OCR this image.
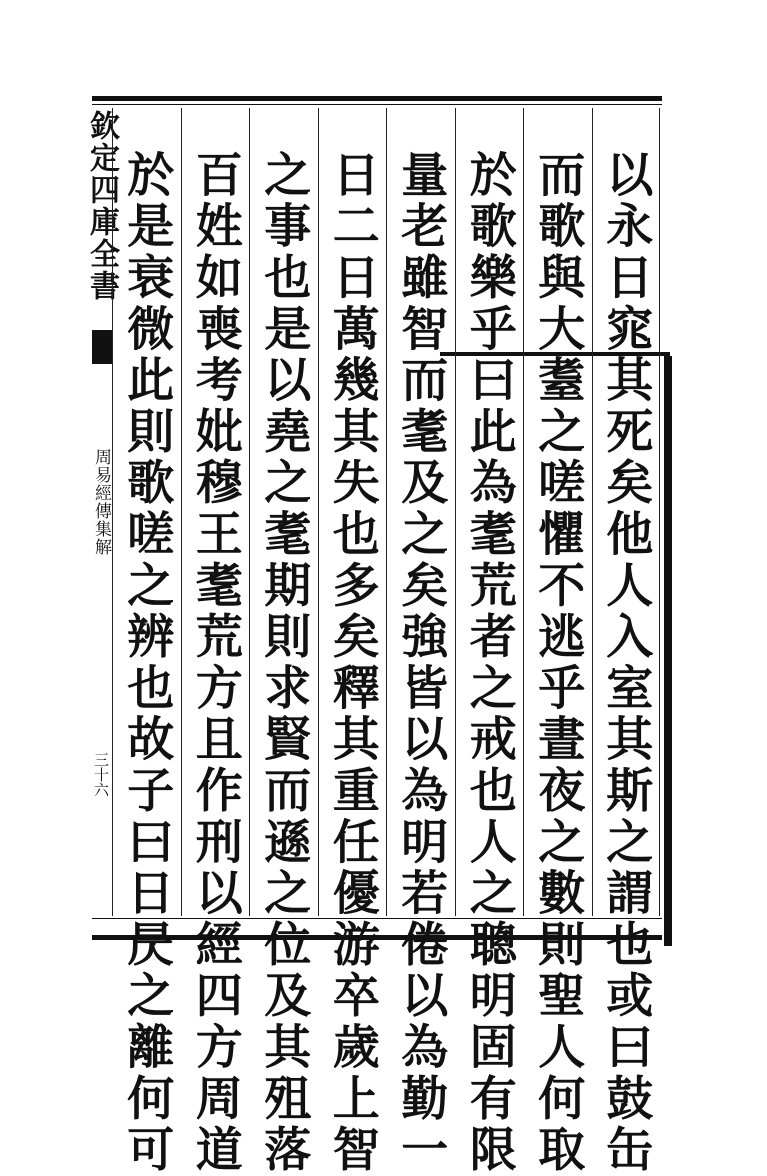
欽定四庫全書
周易經傳集解
三十六	以永日窕其死矣他人入室其斯之謂也或曰鼓缶
而歌與大耋之嗟懼不逃乎晝夜之數則聖人何取
於歌樂乎曰此為耄荒者之戒也人之聰明固有限
量老雖智而耄及之矣強皆以為明若倦以為勤一
日二日萬幾其失也多矣釋其重任優游卒歲上智
之事也是以堯之耄期則求賢而遜之位及其殂落
百姓如喪考妣穆王耄荒方且作刑以經四方周道
於是衰微此則歌嗟之辨也故子曰日昃之離何可
